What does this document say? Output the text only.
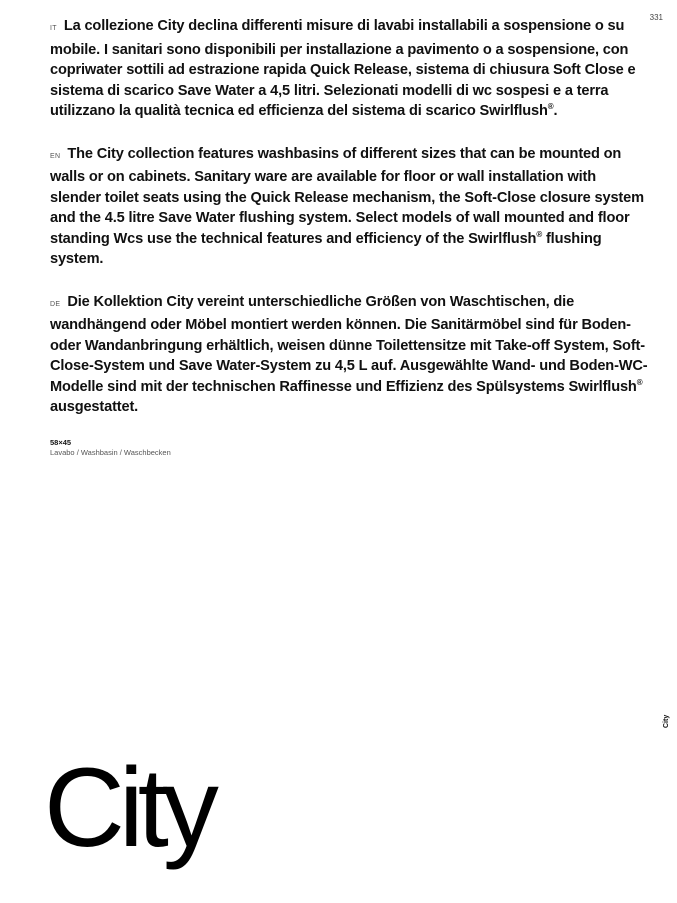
331

IT La collezione City declina differenti misure di lavabi installabili a sospensione o su mobile. I sanitari sono disponibili per installazione a pavimento o a sospensione, con copriwater sottili ad estrazione rapida Quick Release, sistema di chiusura Soft Close e sistema di scarico Save Water a 4,5 litri. Selezionati modelli di wc sospesi e a terra utilizzano la qualità tecnica ed efficienza del sistema di scarico Swirlflush®.

EN The City collection features washbasins of different sizes that can be mounted on walls or on cabinets. Sanitary ware are available for floor or wall installation with slender toilet seats using the Quick Release mechanism, the Soft-Close closure system and the 4.5 litre Save Water flushing system. Select models of wall mounted and floor standing Wcs use the technical features and efficiency of the Swirlflush® flushing system.

DE Die Kollektion City vereint unterschiedliche Größen von Waschtischen, die wandhängend oder Möbel montiert werden können. Die Sanitärmöbel sind für Boden- oder Wandanbringung erhältlich, weisen dünne Toilettensitze mit Take-off System, Soft-Close-System und Save Water-System zu 4,5 L auf. Ausgewählte Wand- und Boden-WC-Modelle sind mit der technischen Raffinesse und Effizienz des Spülsystems Swirlflush® ausgestattet.

58×45
Lavabo / Washbasin / Waschbecken
City
City
